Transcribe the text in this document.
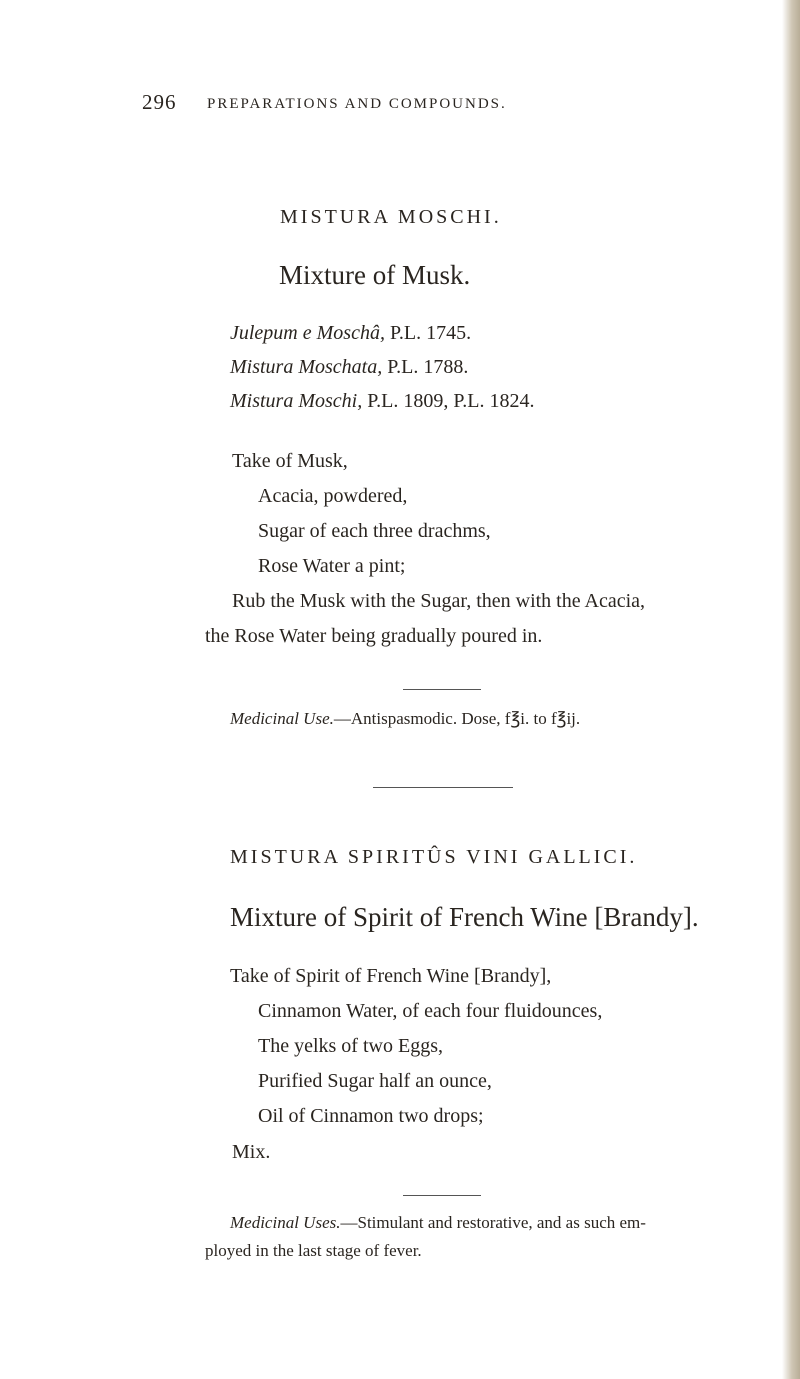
296 PREPARATIONS AND COMPOUNDS.
MISTURA MOSCHI.
Mixture of Musk.
Julepum e Moschâ, P.L. 1745.
Mistura Moschata, P.L. 1788.
Mistura Moschi, P.L. 1809, P.L. 1824.
Take of Musk,
Acacia, powdered,
Sugar of each three drachms,
Rose Water a pint;
Rub the Musk with the Sugar, then with the Acacia,
the Rose Water being gradually poured in.
Medicinal Use.—Antispasmodic. Dose, f℥i. to f℥ij.
MISTURA SPIRITÛS VINI GALLICI.
Mixture of Spirit of French Wine [Brandy].
Take of Spirit of French Wine [Brandy],
Cinnamon Water, of each four fluidounces,
The yelks of two Eggs,
Purified Sugar half an ounce,
Oil of Cinnamon two drops;
Mix.
Medicinal Uses.—Stimulant and restorative, and as such em-
ployed in the last stage of fever.
